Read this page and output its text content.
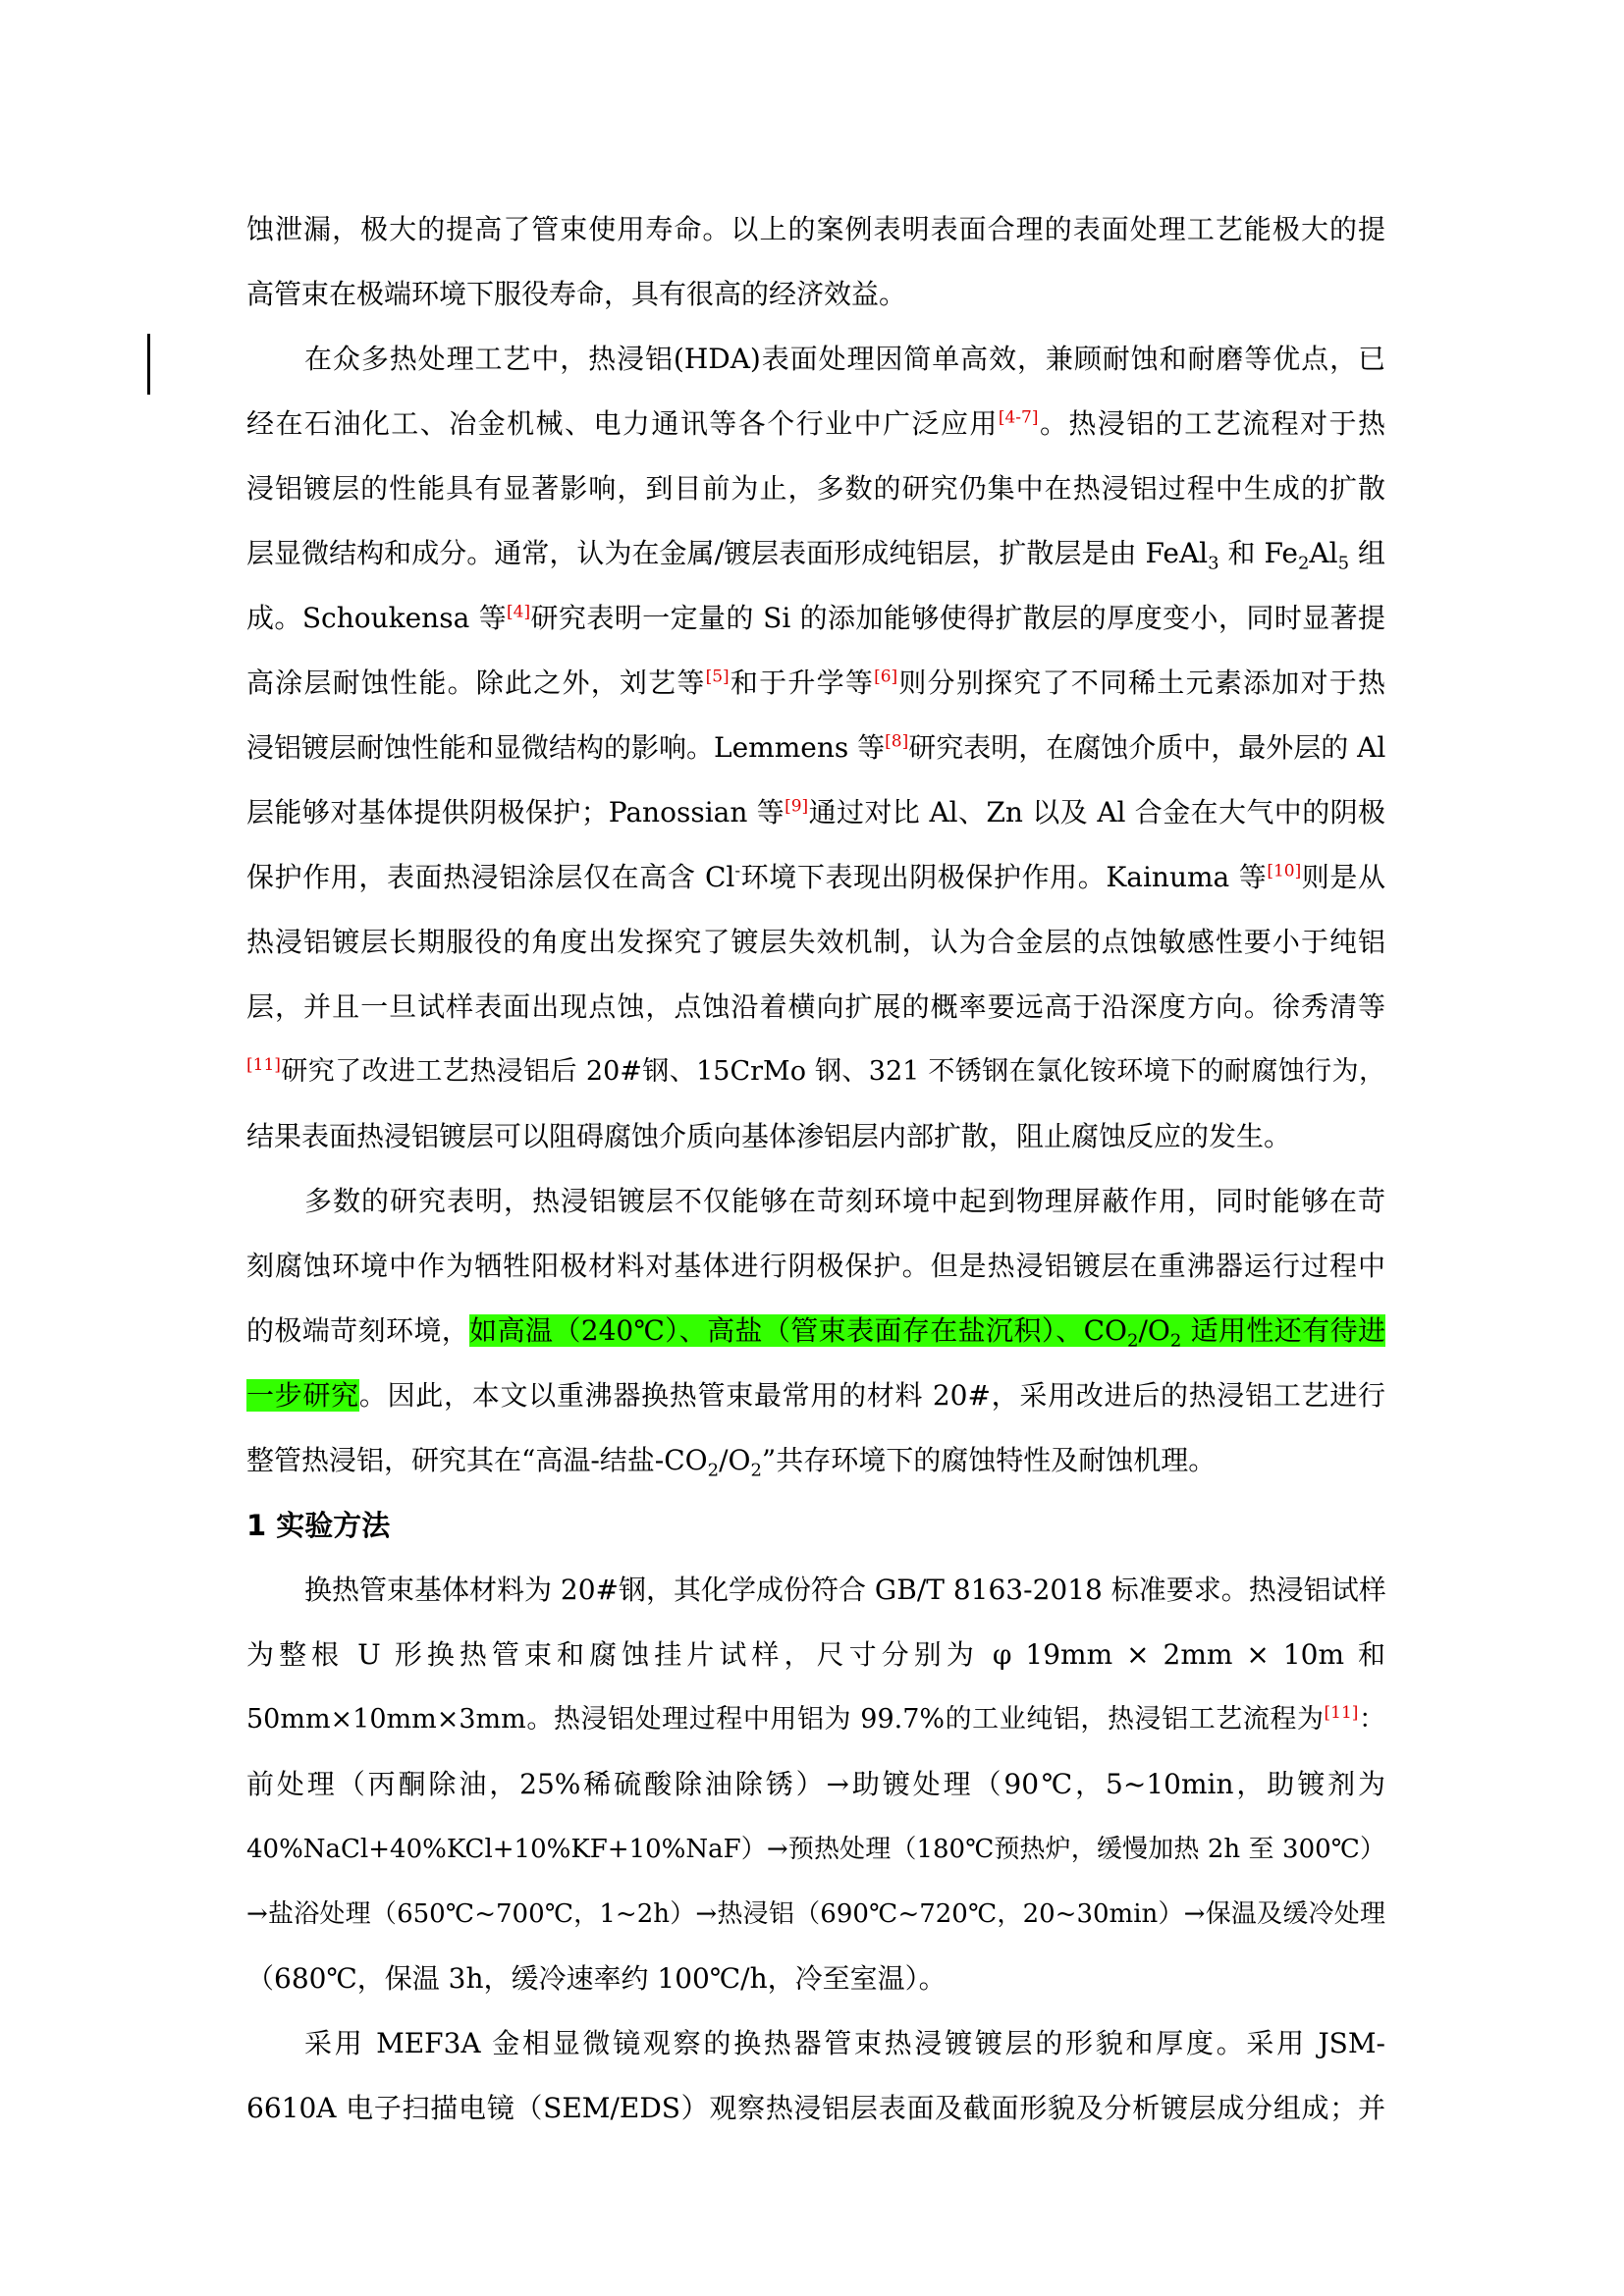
蚀泄漏，极大的提高了管束使用寿命。以上的案例表明表面合理的表面处理工艺能极大的提
高管束在极端环境下服役寿命，具有很高的经济效益。
在众多热处理工艺中，热浸铝(HDA)表面处理因简单高效，兼顾耐蚀和耐磨等优点，已
经在石油化工、冶金机械、电力通讯等各个行业中广泛应用[4-7]。热浸铝的工艺流程对于热
浸铝镀层的性能具有显著影响，到目前为止，多数的研究仍集中在热浸铝过程中生成的扩散
层显微结构和成分。通常，认为在金属/镀层表面形成纯铝层，扩散层是由 FeAl$_3$ 和 $Fe_2Al_5$ 组
成。Schoukensa 等[4]研究表明一定量的 Si 的添加能够使得扩散层的厚度变小，同时显著提
高涂层耐蚀性能。除此之外，刘艺等[5]和于升学等[6]则分别探究了不同稀土元素添加对于热
浸铝镀层耐蚀性能和显微结构的影响。Lemmens 等[8]研究表明，在腐蚀介质中，最外层的 Al
层能够对基体提供阴极保护；Panossian 等[9]通过对比 Al、Zn 以及 Al 合金在大气中的阴极
保护作用，表面热浸铝涂层仅在高含 Cl-环境下表现出阴极保护作用。Kainuma 等[10]则是从
热浸铝镀层长期服役的角度出发探究了镀层失效机制，认为合金层的点蚀敏感性要小于纯铝
层，并且一旦试样表面出现点蚀，点蚀沿着横向扩展的概率要远高于沿深度方向。徐秀清等
[11]研究了改进工艺热浸铝后 20#钢、15CrMo 钢、321 不锈钢在氯化铵环境下的耐腐蚀行为，
结果表面热浸铝镀层可以阻碍腐蚀介质向基体渗铝层内部扩散，阻止腐蚀反应的发生。
多数的研究表明，热浸铝镀层不仅能够在苛刻环境中起到物理屏蔽作用，同时能够在苛
刻腐蚀环境中作为牺牲阳极材料对基体进行阴极保护。但是热浸铝镀层在重沸器运行过程中
的极端苛刻环境，如高温（240℃）、高盐（管束表面存在盐沉积）、$CO_2/O_2$ 适用性还有待进
一步研究。因此，本文以重沸器换热管束最常用的材料 20#，采用改进后的热浸铝工艺进行
整管热浸铝，研究其在“高温-结盐$-CO_2/O_2$”共存环境下的腐蚀特性及耐蚀机理。
1 实验方法
换热管束基体材料为 20#钢，其化学成份符合 GB/T 8163-2018 标准要求。热浸铝试样
为整根 U 形换热管束和腐蚀挂片试样，尺寸分别为 φ 19mm × 2mm × 10m 和
50mm×10mm×3mm。热浸铝处理过程中用铝为 99.7%的工业纯铝，热浸铝工艺流程为[11]：
前处理（丙酮除油，25%稀硫酸除油除锈）→助镀处理（90℃，5~10min，助镀剂为
40%NaCl+40%KCl+10%KF+10%NaF）→预热处理（180℃预热炉，缓慢加热 2h 至 300℃）
→盐浴处理（650℃~700℃，1~2h）→热浸铝（690℃~720℃，20~30min）→保温及缓冷处理
（680℃，保温 3h，缓冷速率约 100℃/h，冷至室温）。
采用 MEF3A 金相显微镜观察的换热器管束热浸镀镀层的形貌和厚度。采用 JSM-
6610A 电子扫描电镜（SEM/EDS）观察热浸铝层表面及截面形貌及分析镀层成分组成；并
